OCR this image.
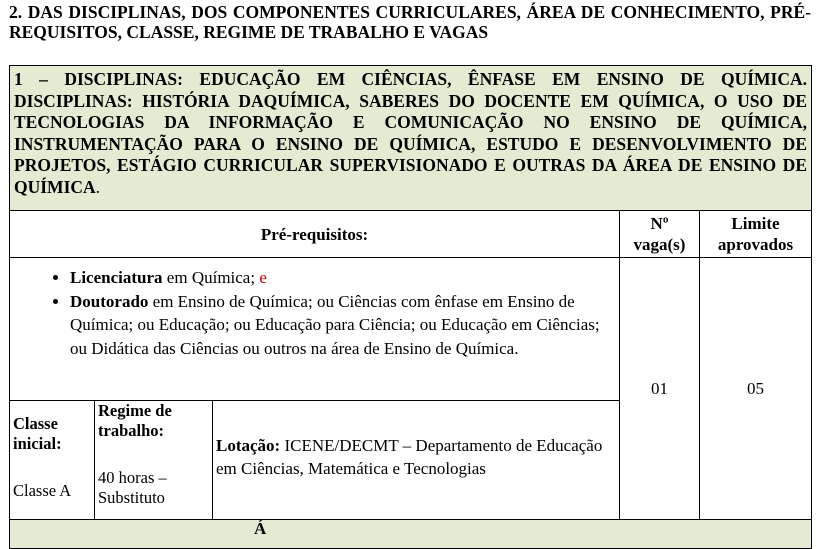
2. DAS DISCIPLINAS, DOS COMPONENTES CURRICULARES, ÁREA DE CONHECIMENTO, PRÉ-REQUISITOS, CLASSE, REGIME DE TRABALHO E VAGAS
1 – DISCIPLINAS: EDUCAÇÃO EM CIÊNCIAS, ÊNFASE EM ENSINO DE QUÍMICA. DISCIPLINAS: HISTÓRIA DAQUÍMICA, SABERES DO DOCENTE EM QUÍMICA, O USO DE TECNOLOGIAS DA INFORMAÇÃO E COMUNICAÇÃO NO ENSINO DE QUÍMICA, INSTRUMENTAÇÃO PARA O ENSINO DE QUÍMICA, ESTUDO E DESENVOLVIMENTO DE PROJETOS, ESTÁGIO CURRICULAR SUPERVISIONADO E OUTRAS DA ÁREA DE ENSINO DE QUÍMICA.
Pré-requisitos:
Nº
vaga(s)
Limite
aprovados
• Licenciatura em Química; e
• Doutorado em Ensino de Química; ou Ciências com ênfase em Ensino de Química; ou Educação; ou Educação para Ciência; ou Educação em Ciências; ou Didática das Ciências ou outros na área de Ensino de Química.
01	05
Classe
inicial:
Classe A
Regime de
trabalho:
40 horas –
Substituto
Lotação: ICENE/DECMT – Departamento de Educação em Ciências, Matemática e Tecnologias
Á
